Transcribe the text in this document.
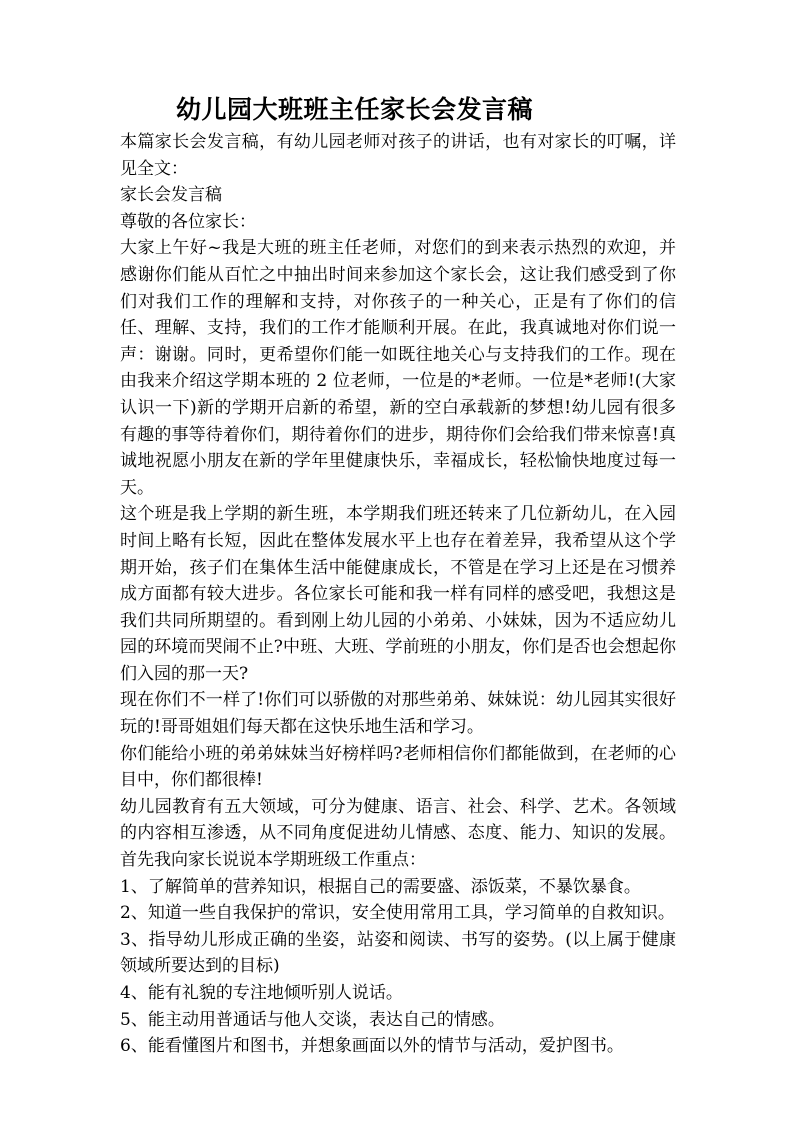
幼儿园大班班主任家长会发言稿

本篇家长会发言稿，有幼儿园老师对孩子的讲话，也有对家长的叮嘱，详见全文：

家长会发言稿

尊敬的各位家长：

大家上午好~我是大班的班主任老师，对您们的到来表示热烈的欢迎，并感谢你们能从百忙之中抽出时间来参加这个家长会，这让我们感受到了你们对我们工作的理解和支持，对你孩子的一种关心，正是有了你们的信任、理解、支持，我们的工作才能顺利开展。在此，我真诚地对你们说一声：谢谢。同时，更希望你们能一如既往地关心与支持我们的工作。现在由我来介绍这学期本班的 2 位老师，一位是的*老师。一位是*老师!(大家认识一下)新的学期开启新的希望，新的空白承载新的梦想!幼儿园有很多有趣的事等待着你们，期待着你们的进步，期待你们会给我们带来惊喜!真诚地祝愿小朋友在新的学年里健康快乐，幸福成长，轻松愉快地度过每一天。

这个班是我上学期的新生班，本学期我们班还转来了几位新幼儿，在入园时间上略有长短，因此在整体发展水平上也存在着差异，我希望从这个学期开始，孩子们在集体生活中能健康成长，不管是在学习上还是在习惯养成方面都有较大进步。各位家长可能和我一样有同样的感受吧，我想这是我们共同所期望的。看到刚上幼儿园的小弟弟、小妹妹，因为不适应幼儿园的环境而哭闹不止?中班、大班、学前班的小朋友，你们是否也会想起你们入园的那一天?

现在你们不一样了!你们可以骄傲的对那些弟弟、妹妹说：幼儿园其实很好玩的!哥哥姐姐们每天都在这快乐地生活和学习。

你们能给小班的弟弟妹妹当好榜样吗?老师相信你们都能做到，在老师的心目中，你们都很棒!

幼儿园教育有五大领域，可分为健康、语言、社会、科学、艺术。各领域的内容相互渗透，从不同角度促进幼儿情感、态度、能力、知识的发展。首先我向家长说说本学期班级工作重点：

1、了解简单的营养知识，根据自己的需要盛、添饭菜，不暴饮暴食。

2、知道一些自我保护的常识，安全使用常用工具，学习简单的自救知识。

3、指导幼儿形成正确的坐姿，站姿和阅读、书写的姿势。(以上属于健康领域所要达到的目标)

4、能有礼貌的专注地倾听别人说话。

5、能主动用普通话与他人交谈，表达自己的情感。

6、能看懂图片和图书，并想象画面以外的情节与活动，爱护图书。
